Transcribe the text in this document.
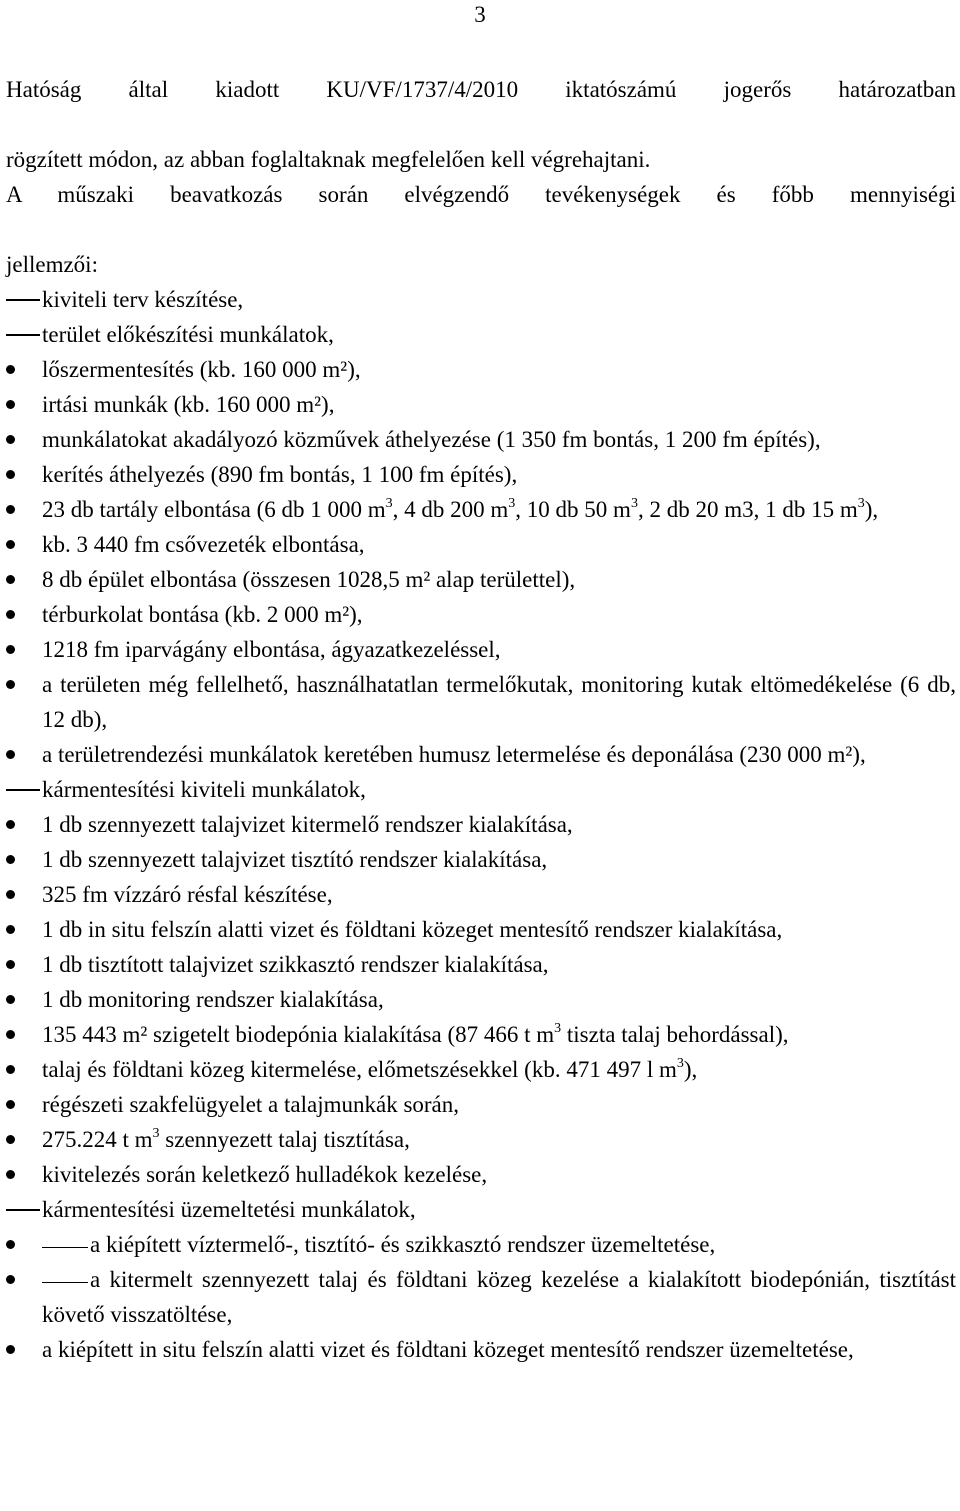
3
Hatóság által kiadott KU/VF/1737/4/2010 iktatószámú jogerős határozatban
rögzített módon, az abban foglaltaknak megfelelően kell végrehajtani.
A műszaki beavatkozás során elvégzendő tevékenységek és főbb mennyiségi
jellemzői:
kiviteli terv készítése,
terület előkészítési munkálatok,
lőszermentesítés (kb. 160 000 m²),
irtási munkák (kb. 160 000 m²),
munkálatokat akadályozó közművek áthelyezése (1 350 fm bontás, 1 200 fm építés),
kerítés áthelyezés (890 fm bontás, 1 100 fm építés),
23 db tartály elbontása (6 db 1 000 $m^3$, 4 db 200 $m^3$, 10 db 50 $m^3$, 2 db 20 m3, 1 db 15 $m^3$),
kb. 3 440 fm csővezeték elbontása,
8 db épület elbontása (összesen 1028,5 m² alap területtel),
térburkolat bontása (kb. 2 000 m²),
1218 fm iparvágány elbontása, ágyazatkezeléssel,
a területen még fellelhető, használhatatlan termelőkutak, monitoring kutak eltömedékelése (6 db, 12 db),
a területrendezési munkálatok keretében humusz letermelése és deponálása (230 000 m²),
kármentesítési kiviteli munkálatok,
1 db szennyezett talajvizet kitermelő rendszer kialakítása,
1 db szennyezett talajvizet tisztító rendszer kialakítása,
325 fm vízzáró résfal készítése,
1 db in situ felszín alatti vizet és földtani közeget mentesítő rendszer kialakítása,
1 db tisztított talajvizet szikkasztó rendszer kialakítása,
1 db monitoring rendszer kialakítása,
135 443 m² szigetelt biodepónia kialakítása (87 466 t $m^3$ tiszta talaj behordással),
talaj és földtani közeg kitermelése, előmetszésekkel (kb. 471 497 l $m^3$),
régészeti szakfelügyelet a talajmunkák során,
275.224 t $m^3$ szennyezett talaj tisztítása,
kivitelezés során keletkező hulladékok kezelése,
kármentesítési üzemeltetési munkálatok,
a kiépített víztermelő-, tisztító- és szikkasztó rendszer üzemeltetése,
a kitermelt szennyezett talaj és földtani közeg kezelése a kialakított biodepónián, tisztítást követő visszatöltése,
a kiépített in situ felszín alatti vizet és földtani közeget mentesítő rendszer üzemeltetése,
